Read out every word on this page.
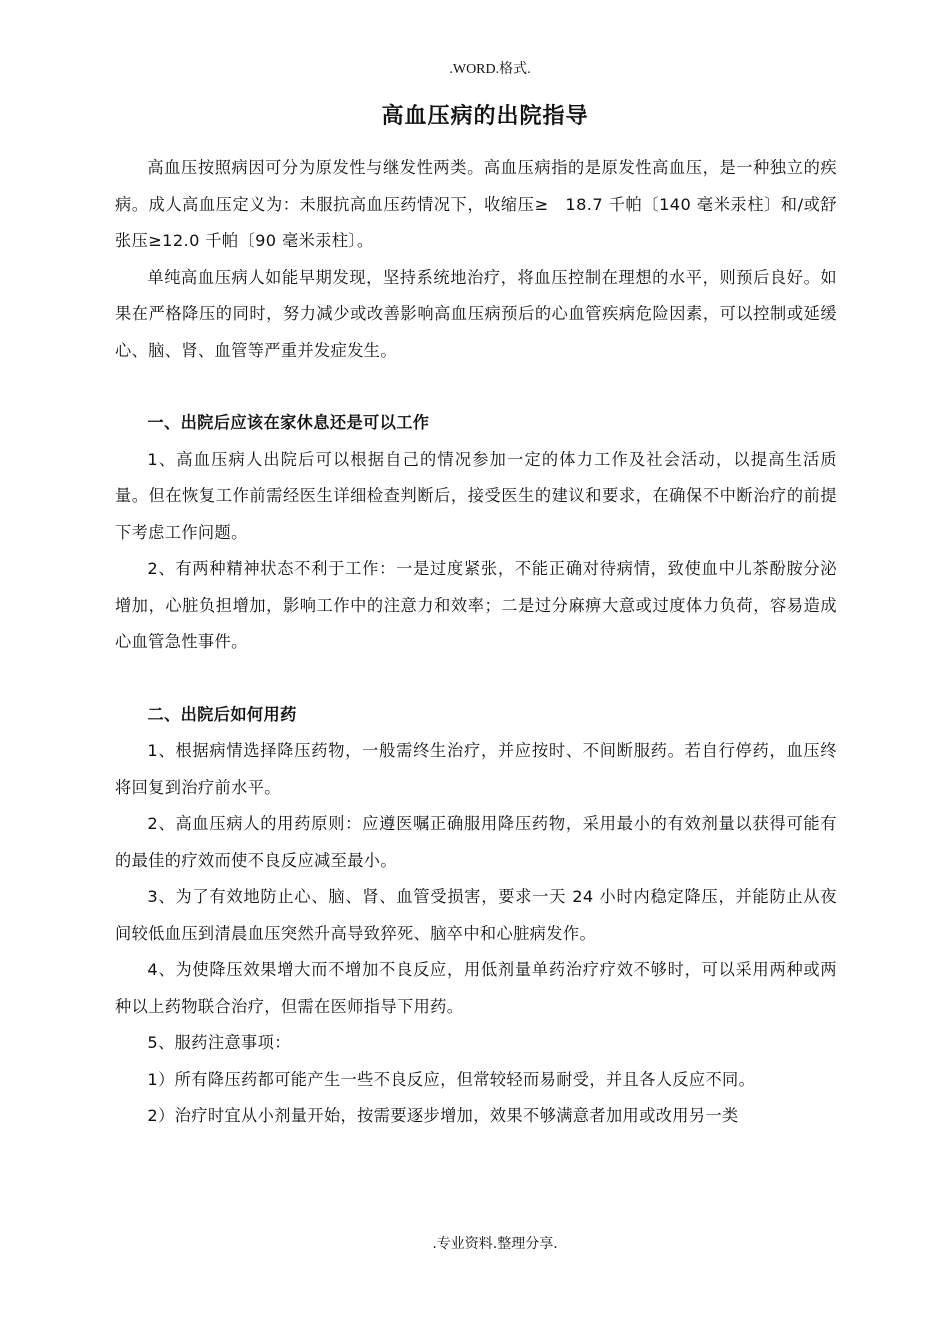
.WORD.格式.
高血压病的出院指导

高血压按照病因可分为原发性与继发性两类。高血压病指的是原发性高血压，是一种独立的疾病。成人高血压定义为：未服抗高血压药情况下，收缩压≥　18.7 千帕〔140 毫米汞柱〕和/或舒张压≥12.0 千帕〔90 毫米汞柱〕。

单纯高血压病人如能早期发现，坚持系统地治疗，将血压控制在理想的水平，则预后良好。如果在严格降压的同时，努力减少或改善影响高血压病预后的心血管疾病危险因素，可以控制或延缓心、脑、肾、血管等严重并发症发生。

一、出院后应该在家休息还是可以工作

1、高血压病人出院后可以根据自己的情况参加一定的体力工作及社会活动，以提高生活质量。但在恢复工作前需经医生详细检查判断后，接受医生的建议和要求，在确保不中断治疗的前提下考虑工作问题。

2、有两种精神状态不利于工作：一是过度紧张，不能正确对待病情，致使血中儿茶酚胺分泌增加，心脏负担增加，影响工作中的注意力和效率；二是过分麻痹大意或过度体力负荷，容易造成心血管急性事件。

二、出院后如何用药

1、根据病情选择降压药物，一般需终生治疗，并应按时、不间断服药。若自行停药，血压终将回复到治疗前水平。

2、高血压病人的用药原则：应遵医嘱正确服用降压药物，采用最小的有效剂量以获得可能有的最佳的疗效而使不良反应减至最小。

3、为了有效地防止心、脑、肾、血管受损害，要求一天 24 小时内稳定降压，并能防止从夜间较低血压到清晨血压突然升高导致猝死、脑卒中和心脏病发作。

4、为使降压效果增大而不增加不良反应，用低剂量单药治疗疗效不够时，可以采用两种或两种以上药物联合治疗，但需在医师指导下用药。

5、服药注意事项：

1）所有降压药都可能产生一些不良反应，但常较轻而易耐受，并且各人反应不同。

2）治疗时宜从小剂量开始，按需要逐步增加，效果不够满意者加用或改用另一类

.专业资料.整理分享.
